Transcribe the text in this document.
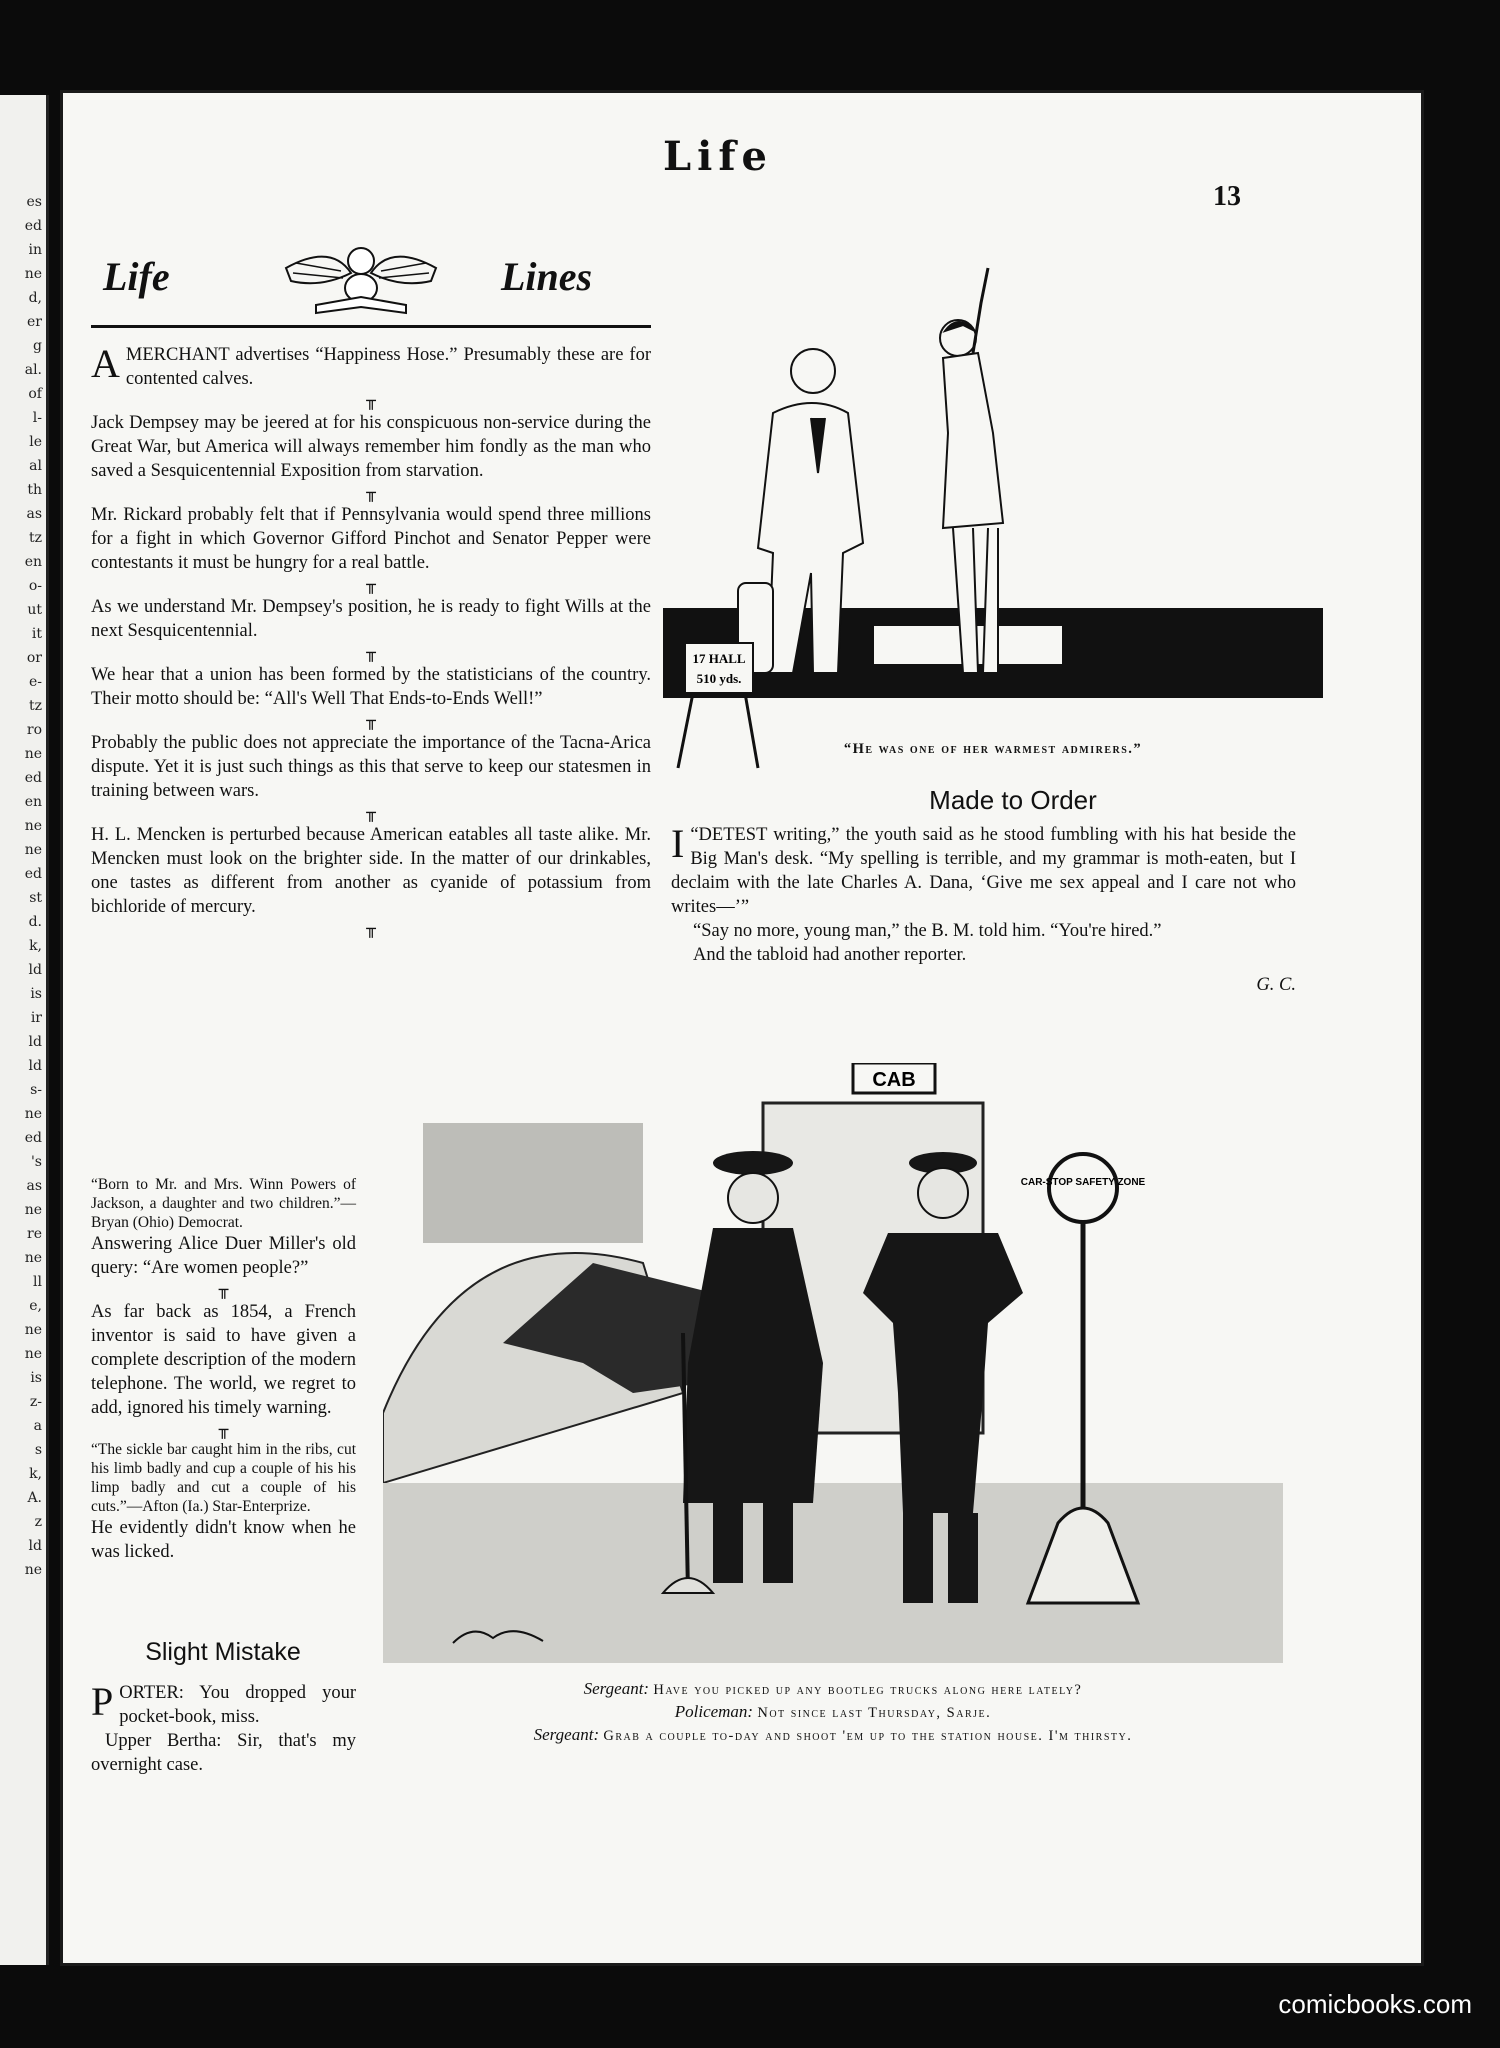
es
ed
in
ne
d,
er
g
al.
of
l-
le
al
th
as
tz
en
o-
ut
it
or
e-
tz
ro
ne
ed
en
ne
ne
ed
st
d.
k,
ld
is
ir
ld
ld
s-
ne
ed
's
as
ne
re
ne
ll
e,
ne
ne
is
z-
a
s
k,
A.
z
ld
ne
Life
13
Life	Lines

AMERCHANT advertises “Happiness Hose.” Presumably these are for contented calves.

╥

Jack Dempsey may be jeered at for his conspicuous non-service during the Great War, but America will always remember him fondly as the man who saved a Sesquicentennial Exposition from starvation.

╥

Mr. Rickard probably felt that if Pennsylvania would spend three millions for a fight in which Governor Gifford Pinchot and Senator Pepper were contestants it must be hungry for a real battle.

╥

As we understand Mr. Dempsey's position, he is ready to fight Wills at the next Sesquicentennial.

╥

We hear that a union has been formed by the statisticians of the country. Their motto should be: “All's Well That Ends-to-Ends Well!”

╥

Probably the public does not appreciate the importance of the Tacna-Arica dispute. Yet it is just such things as this that serve to keep our statesmen in training between wars.

╥

H. L. Mencken is perturbed because American eatables all taste alike. Mr. Mencken must look on the brighter side. In the matter of our drinkables, one tastes as different from another as cyanide of potassium from bichloride of mercury.

╥

“Born to Mr. and Mrs. Winn Powers of Jackson, a daughter and two children.”—Bryan (Ohio) Democrat.

Answering Alice Duer Miller's old query: “Are women people?”

╥

As far back as 1854, a French inventor is said to have given a complete description of the modern telephone. The world, we regret to add, ignored his timely warning.

╥

“The sickle bar caught him in the ribs, cut his limb badly and cup a couple of his his limp badly and cut a couple of his cuts.”—Afton (Ia.) Star-Enterprize.

He evidently didn't know when he was licked.

Slight Mistake

PORTER: You dropped your pocket-book, miss.

Upper Bertha: Sir, that's my overnight case.

17 HALL
510 yds.
“He was one of her warmest admirers.”
Made to Order

“
I DETEST writing,” the youth said as he stood fumbling with his hat beside the Big Man's desk. “My spelling is terrible, and my grammar is moth-eaten, but I declaim with the late Charles A. Dana, ‘Give me sex appeal and I care not who writes—’”

“Say no more, young man,” the B. M. told him. “You're hired.”

And the tabloid had another reporter.

G. C.

CAB
CAR-STOP SAFETY ZONE
Sergeant: Have you picked up any bootleg trucks along here lately?
Policeman: Not since last Thursday, Sarje.
Sergeant: Grab a couple to-day and shoot 'em up to the station house. I'm thirsty.
comicbooks.com
